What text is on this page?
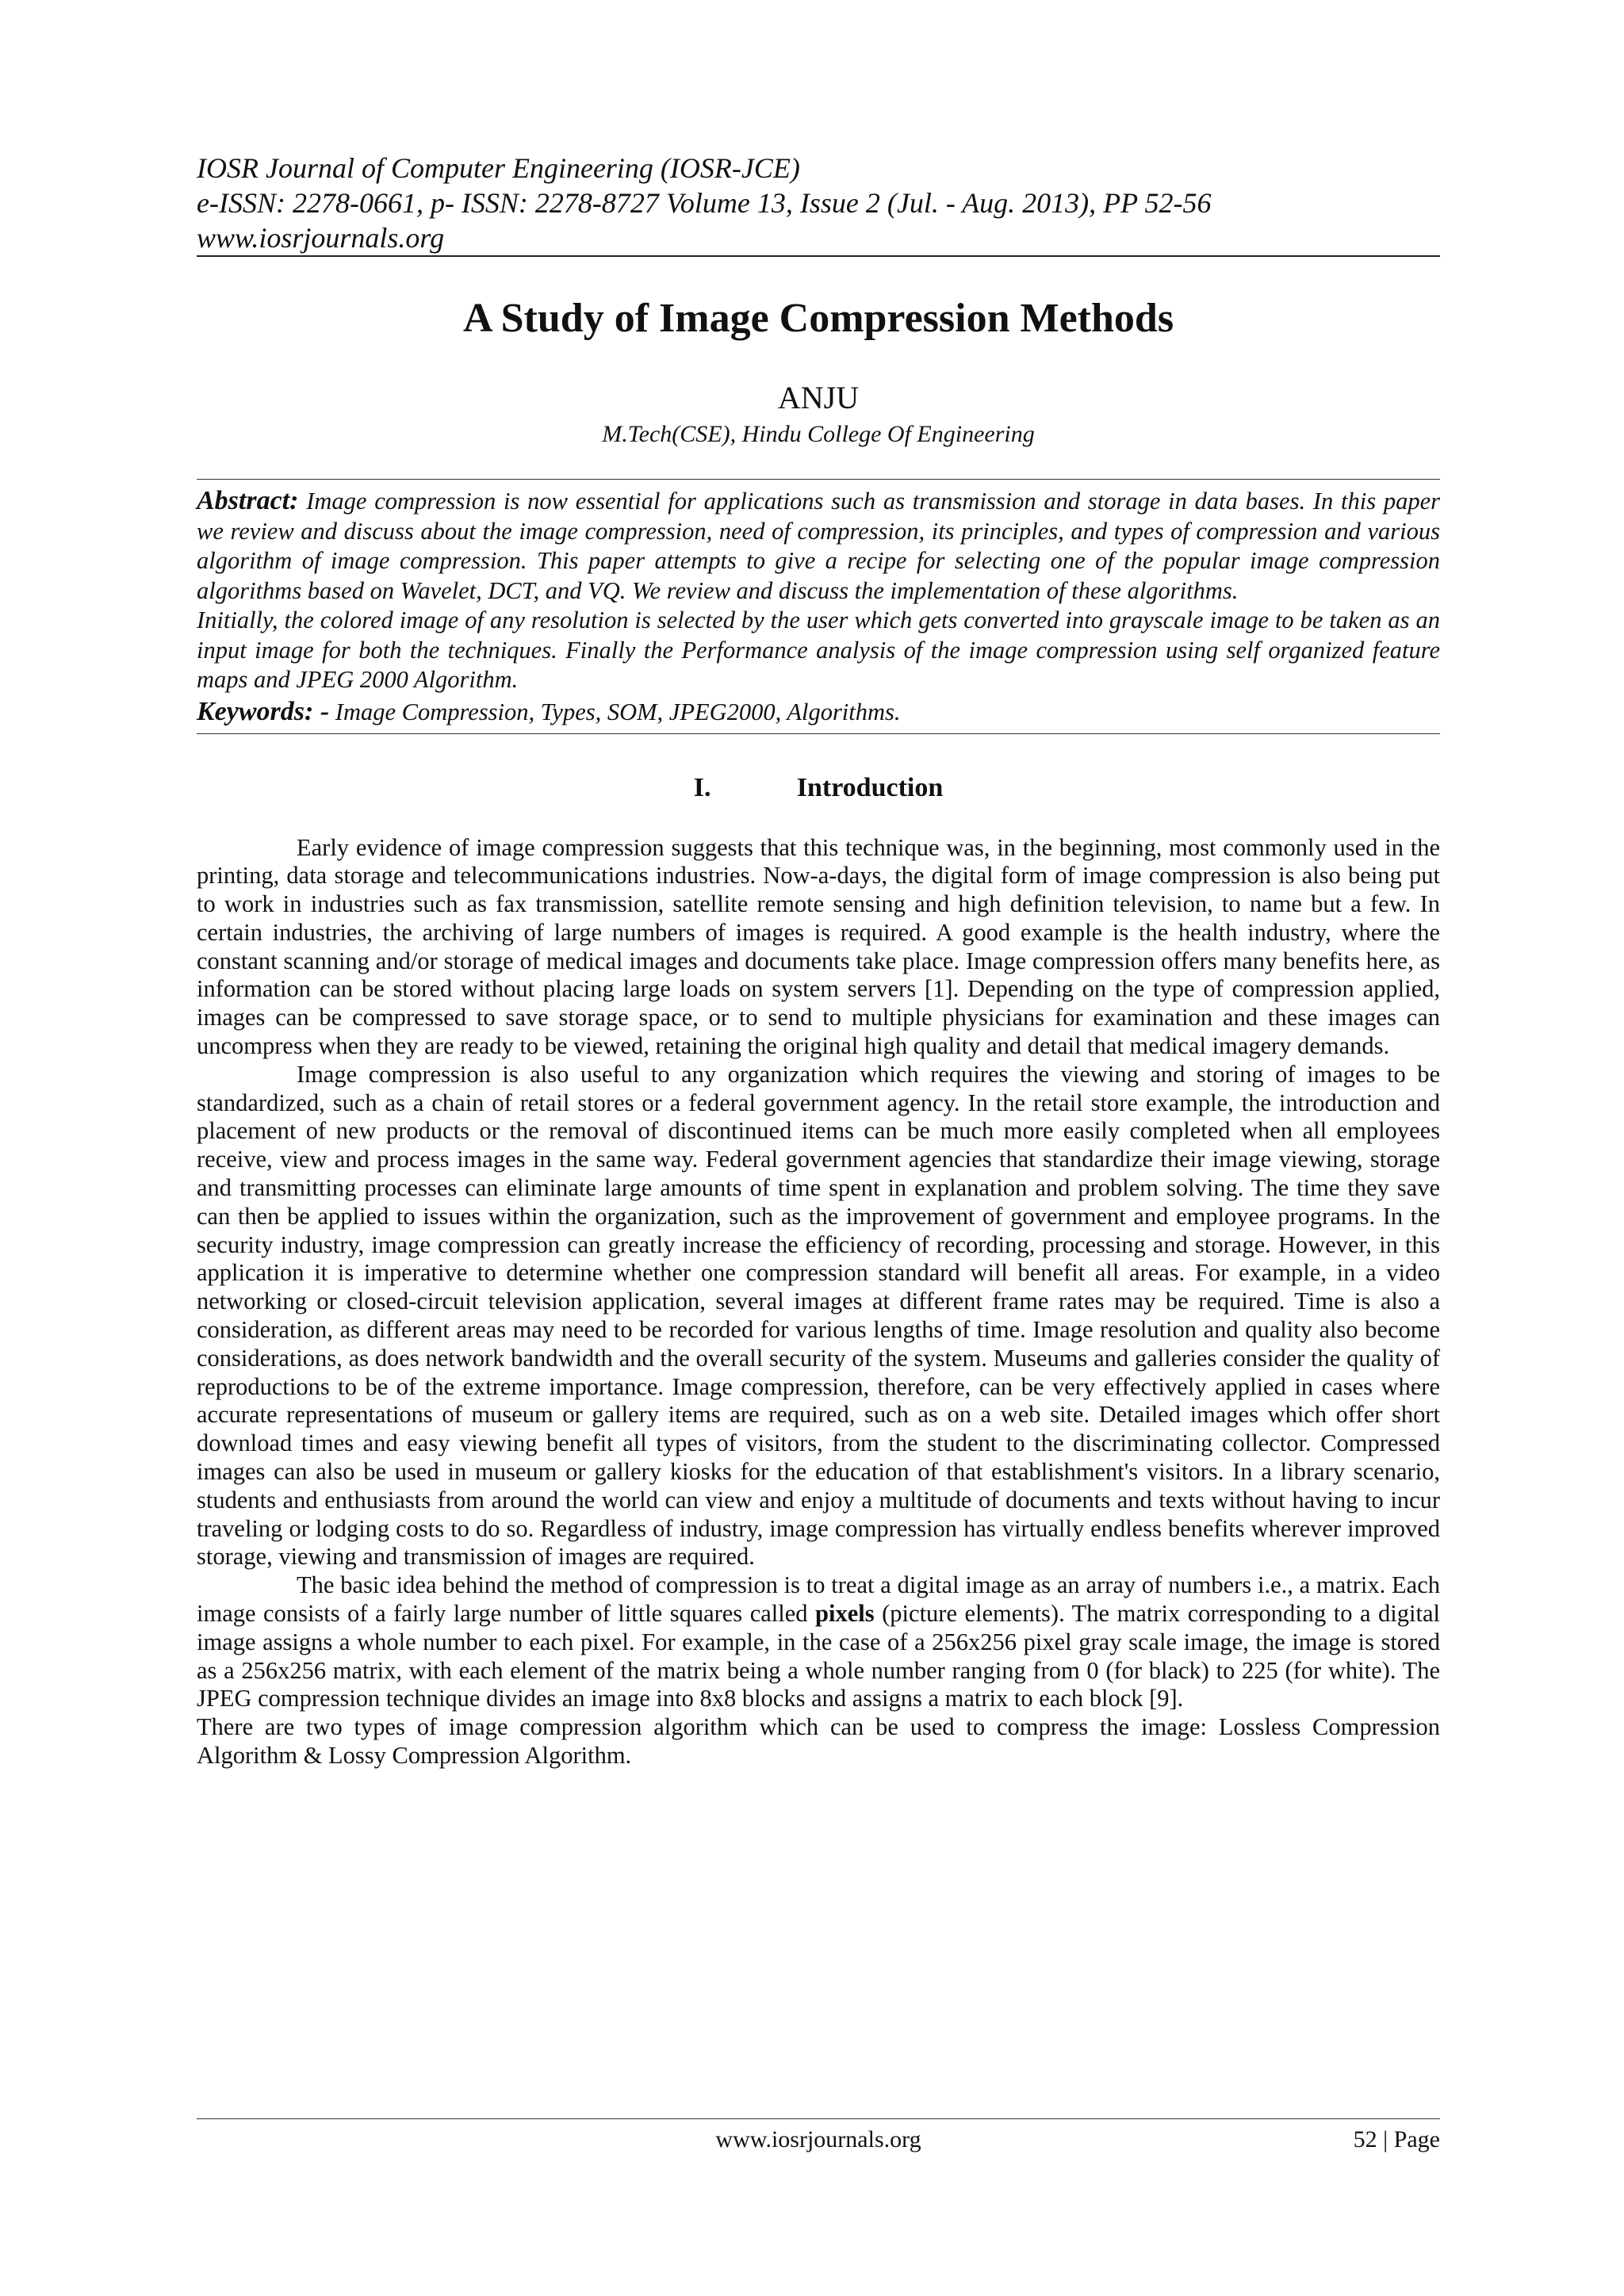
IOSR Journal of Computer Engineering (IOSR-JCE)
e-ISSN: 2278-0661, p- ISSN: 2278-8727 Volume 13, Issue 2 (Jul. - Aug. 2013), PP 52-56
www.iosrjournals.org
A Study of Image Compression Methods
ANJU
M.Tech(CSE), Hindu College Of Engineering

Abstract: Image compression is now essential for applications such as transmission and storage in data bases. In this paper we review and discuss about the image compression, need of compression, its principles, and types of compression and various algorithm of image compression. This paper attempts to give a recipe for selecting one of the popular image compression algorithms based on Wavelet, DCT, and VQ. We review and discuss the implementation of these algorithms.

Initially, the colored image of any resolution is selected by the user which gets converted into grayscale image to be taken as an input image for both the techniques. Finally the Performance analysis of the image compression using self organized feature maps and JPEG 2000 Algorithm.

Keywords: - Image Compression, Types, SOM, JPEG2000, Algorithms.
I.	Introduction

Early evidence of image compression suggests that this technique was, in the beginning, most commonly used in the printing, data storage and telecommunications industries. Now-a-days, the digital form of image compression is also being put to work in industries such as fax transmission, satellite remote sensing and high definition television, to name but a few. In certain industries, the archiving of large numbers of images is required. A good example is the health industry, where the constant scanning and/or storage of medical images and documents take place. Image compression offers many benefits here, as information can be stored without placing large loads on system servers [1]. Depending on the type of compression applied, images can be compressed to save storage space, or to send to multiple physicians for examination and these images can uncompress when they are ready to be viewed, retaining the original high quality and detail that medical imagery demands.

Image compression is also useful to any organization which requires the viewing and storing of images to be standardized, such as a chain of retail stores or a federal government agency. In the retail store example, the introduction and placement of new products or the removal of discontinued items can be much more easily completed when all employees receive, view and process images in the same way. Federal government agencies that standardize their image viewing, storage and transmitting processes can eliminate large amounts of time spent in explanation and problem solving. The time they save can then be applied to issues within the organization, such as the improvement of government and employee programs. In the security industry, image compression can greatly increase the efficiency of recording, processing and storage. However, in this application it is imperative to determine whether one compression standard will benefit all areas. For example, in a video networking or closed-circuit television application, several images at different frame rates may be required. Time is also a consideration, as different areas may need to be recorded for various lengths of time. Image resolution and quality also become considerations, as does network bandwidth and the overall security of the system. Museums and galleries consider the quality of reproductions to be of the extreme importance. Image compression, therefore, can be very effectively applied in cases where accurate representations of museum or gallery items are required, such as on a web site. Detailed images which offer short download times and easy viewing benefit all types of visitors, from the student to the discriminating collector. Compressed images can also be used in museum or gallery kiosks for the education of that establishment's visitors. In a library scenario, students and enthusiasts from around the world can view and enjoy a multitude of documents and texts without having to incur traveling or lodging costs to do so. Regardless of industry, image compression has virtually endless benefits wherever improved storage, viewing and transmission of images are required.

The basic idea behind the method of compression is to treat a digital image as an array of numbers i.e., a matrix. Each image consists of a fairly large number of little squares called pixels (picture elements). The matrix corresponding to a digital image assigns a whole number to each pixel. For example, in the case of a 256x256 pixel gray scale image, the image is stored as a 256x256 matrix, with each element of the matrix being a whole number ranging from 0 (for black) to 225 (for white). The JPEG compression technique divides an image into 8x8 blocks and assigns a matrix to each block [9].

There are two types of image compression algorithm which can be used to compress the image: Lossless Compression Algorithm & Lossy Compression Algorithm.

www.iosrjournals.org	52 | Page
